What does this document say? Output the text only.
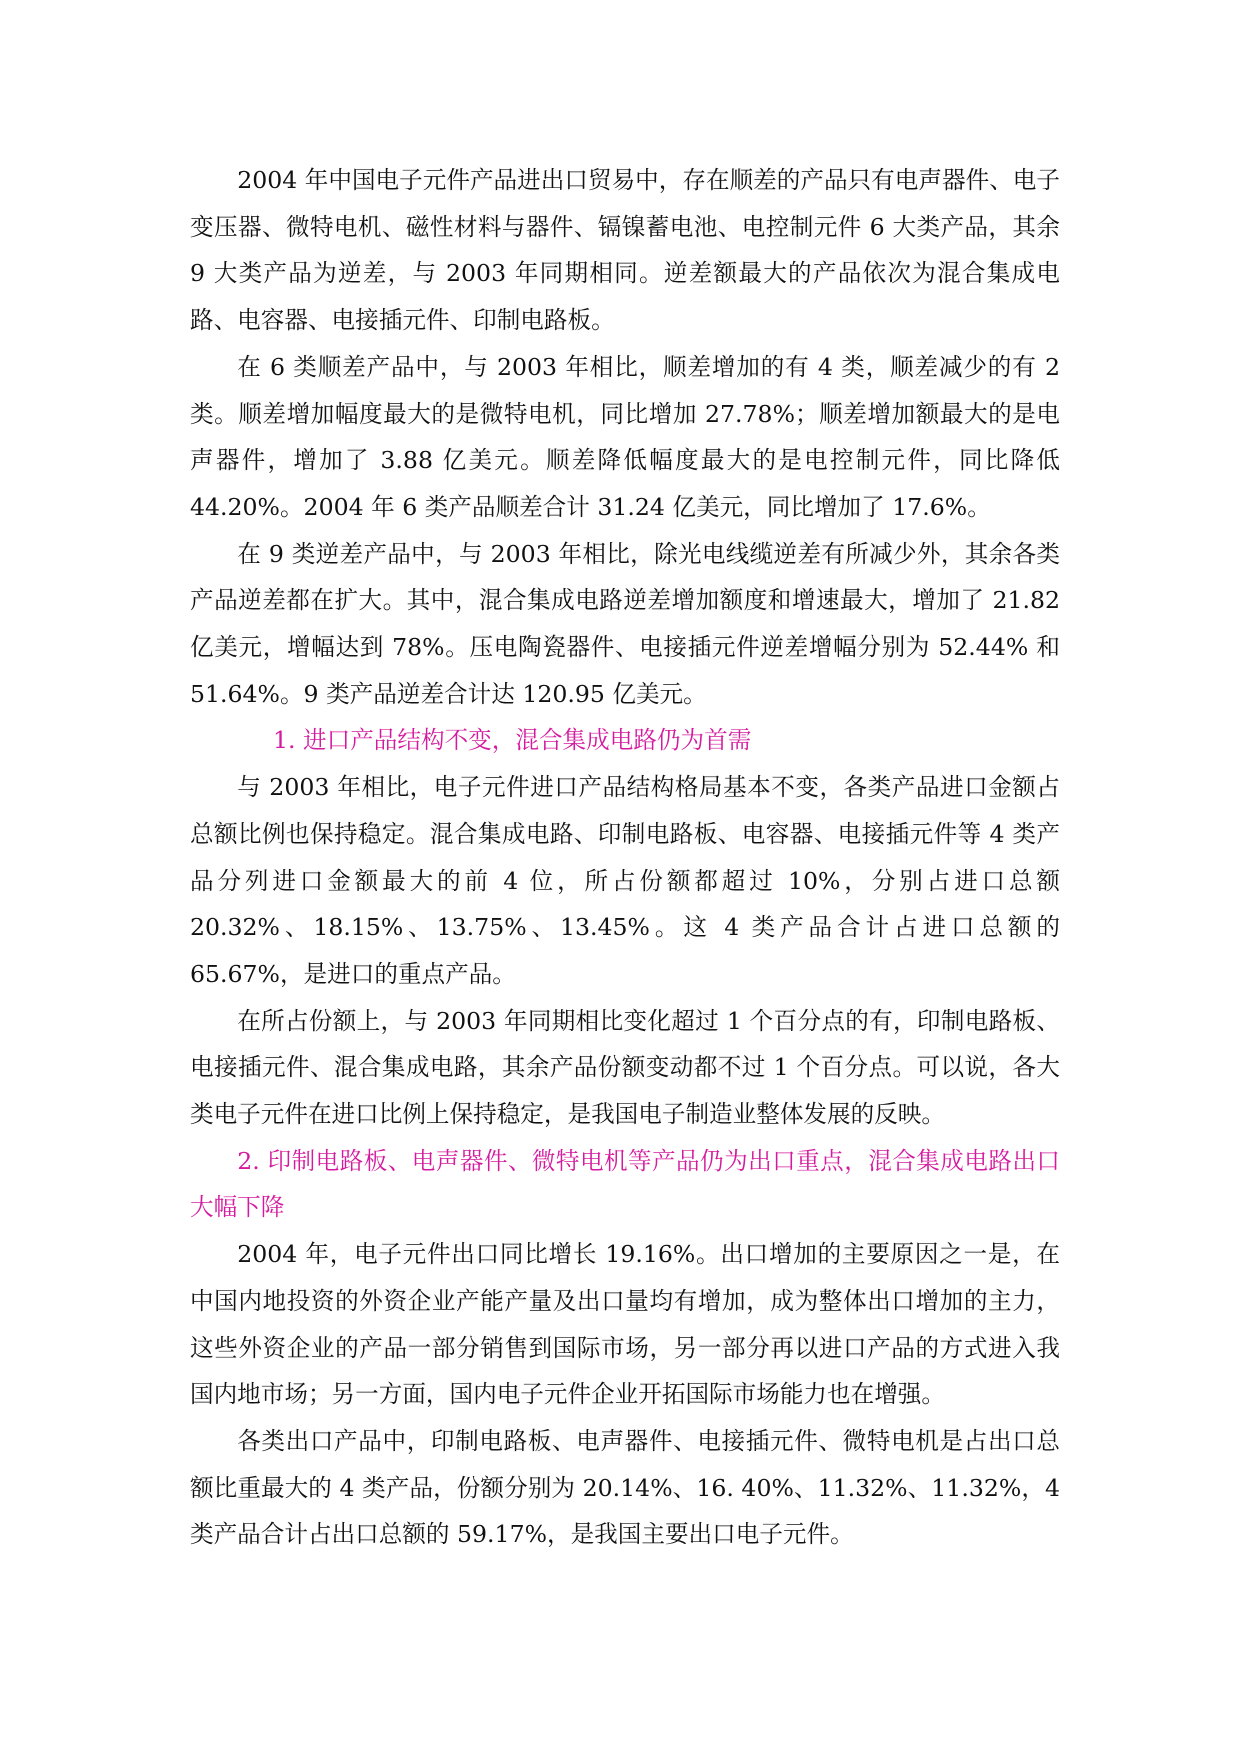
2004 年中国电子元件产品进出口贸易中，存在顺差的产品只有电声器件、电子变压器、微特电机、磁性材料与器件、镉镍蓄电池、电控制元件 6 大类产品，其余 9 大类产品为逆差，与 2003 年同期相同。逆差额最大的产品依次为混合集成电路、电容器、电接插元件、印制电路板。

在 6 类顺差产品中，与 2003 年相比，顺差增加的有 4 类，顺差减少的有 2 类。顺差增加幅度最大的是微特电机，同比增加 27.78%；顺差增加额最大的是电声器件，增加了 3.88 亿美元。顺差降低幅度最大的是电控制元件，同比降低 44.20%。2004 年 6 类产品顺差合计 31.24 亿美元，同比增加了 17.6%。

在 9 类逆差产品中，与 2003 年相比，除光电线缆逆差有所减少外，其余各类产品逆差都在扩大。其中，混合集成电路逆差增加额度和增速最大，增加了 21.82 亿美元，增幅达到 78%。压电陶瓷器件、电接插元件逆差增幅分别为 52.44% 和 51.64%。9 类产品逆差合计达 120.95 亿美元。

1. 进口产品结构不变，混合集成电路仍为首需

与 2003 年相比，电子元件进口产品结构格局基本不变，各类产品进口金额占总额比例也保持稳定。混合集成电路、印制电路板、电容器、电接插元件等 4 类产品分列进口金额最大的前 4 位，所占份额都超过 10%，分别占进口总额 20.32%、18.15%、13.75%、13.45%。这 4 类产品合计占进口总额的 65.67%，是进口的重点产品。

在所占份额上，与 2003 年同期相比变化超过 1 个百分点的有，印制电路板、电接插元件、混合集成电路，其余产品份额变动都不过 1 个百分点。可以说，各大类电子元件在进口比例上保持稳定，是我国电子制造业整体发展的反映。

2. 印制电路板、电声器件、微特电机等产品仍为出口重点，混合集成电路出口大幅下降

2004 年，电子元件出口同比增长 19.16%。出口增加的主要原因之一是，在中国内地投资的外资企业产能产量及出口量均有增加，成为整体出口增加的主力，这些外资企业的产品一部分销售到国际市场，另一部分再以进口产品的方式进入我国内地市场；另一方面，国内电子元件企业开拓国际市场能力也在增强。

各类出口产品中，印制电路板、电声器件、电接插元件、微特电机是占出口总额比重最大的 4 类产品，份额分别为 20.14%、16. 40%、11.32%、11.32%，4 类产品合计占出口总额的 59.17%，是我国主要出口电子元件。
